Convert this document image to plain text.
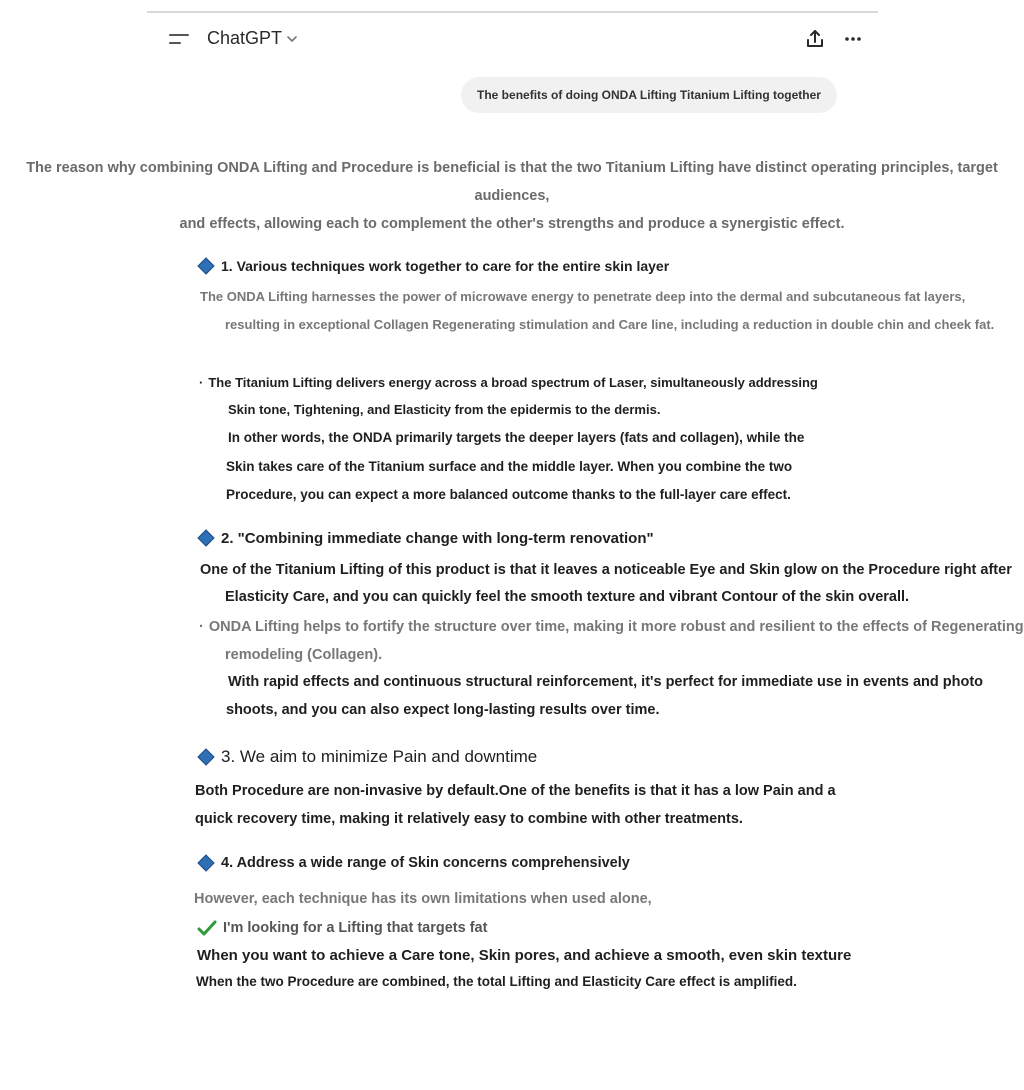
ChatGPT
The benefits of doing ONDA Lifting Titanium Lifting together
The reason why combining ONDA Lifting and Procedure is beneficial is that the two Titanium Lifting have distinct operating principles, target audiences,
and effects, allowing each to complement the other's strengths and produce a synergistic effect.
1. Various techniques work together to care for the entire skin layer
The ONDA Lifting harnesses the power of microwave energy to penetrate deep into the dermal and subcutaneous fat layers,
resulting in exceptional Collagen Regenerating stimulation and Care line, including a reduction in double chin and cheek fat.
· The Titanium Lifting delivers energy across a broad spectrum of Laser, simultaneously addressing
Skin tone, Tightening, and Elasticity from the epidermis to the dermis.
In other words, the ONDA primarily targets the deeper layers (fats and collagen), while the
Skin takes care of the Titanium surface and the middle layer. When you combine the two
Procedure, you can expect a more balanced outcome thanks to the full-layer care effect.
2. "Combining immediate change with long-term renovation"
One of the Titanium Lifting of this product is that it leaves a noticeable Eye and Skin glow on the Procedure right after
Elasticity Care, and you can quickly feel the smooth texture and vibrant Contour of the skin overall.
· ONDA Lifting helps to fortify the structure over time, making it more robust and resilient to the effects of Regenerating
remodeling (Collagen).
With rapid effects and continuous structural reinforcement, it's perfect for immediate use in events and photo
shoots, and you can also expect long-lasting results over time.
3. We aim to minimize Pain and downtime
Both Procedure are non-invasive by default.One of the benefits is that it has a low Pain and a
quick recovery time, making it relatively easy to combine with other treatments.
4. Address a wide range of Skin concerns comprehensively
However, each technique has its own limitations when used alone,
I'm looking for a Lifting that targets fat
When you want to achieve a Care tone, Skin pores, and achieve a smooth, even skin texture
When the two Procedure are combined, the total Lifting and Elasticity Care effect is amplified.
